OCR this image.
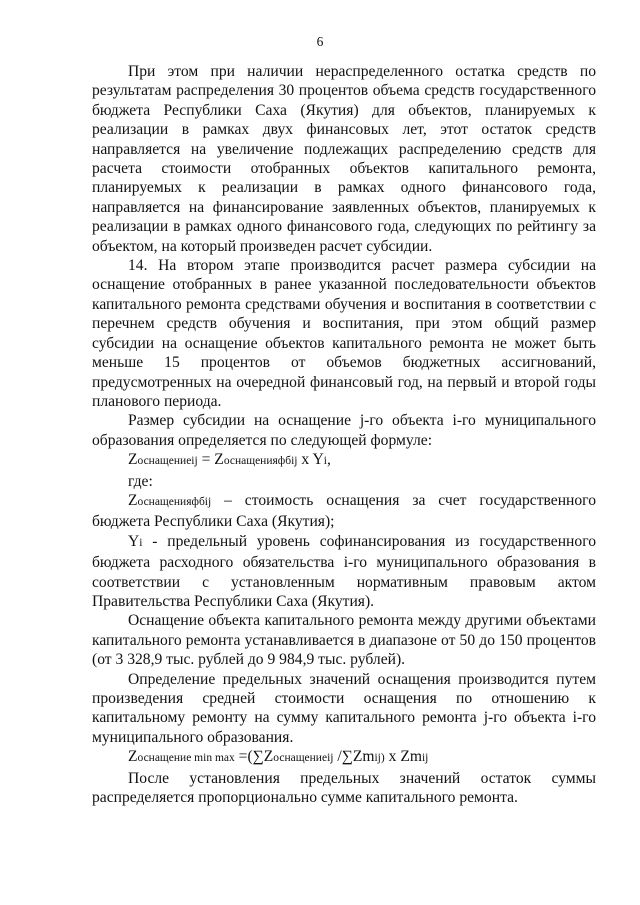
6

При этом при наличии нераспределенного остатка средств по результатам распределения 30 процентов объема средств государственного бюджета Республики Саха (Якутия) для объектов, планируемых к реализации в рамках двух финансовых лет, этот остаток средств направляется на увеличение подлежащих распределению средств для расчета стоимости отобранных объектов капитального ремонта, планируемых к реализации в рамках одного финансового года, направляется на финансирование заявленных объектов, планируемых к реализации в рамках одного финансового года, следующих по рейтингу за объектом, на который произведен расчет субсидии.

14. На втором этапе производится расчет размера субсидии на оснащение отобранных в ранее указанной последовательности объектов капитального ремонта средствами обучения и воспитания в соответствии с перечнем средств обучения и воспитания, при этом общий размер субсидии на оснащение объектов капитального ремонта не может быть меньше 15 процентов от объемов бюджетных ассигнований, предусмотренных на очередной финансовый год, на первый и второй годы планового периода.

Размер субсидии на оснащение j-го объекта i-го муниципального образования определяется по следующей формуле:

Zоснащениеij = Zоснащенияфбij x Yi,

где:

Zоснащенияфбij – стоимость оснащения за счет государственного бюджета Республики Саха (Якутия);

Yi - предельный уровень софинансирования из государственного бюджета расходного обязательства i-го муниципального образования в соответствии с установленным нормативным правовым актом Правительства Республики Саха (Якутия).

Оснащение объекта капитального ремонта между другими объектами капитального ремонта устанавливается в диапазоне от 50 до 150 процентов (от 3 328,9 тыс. рублей до 9 984,9 тыс. рублей).

Определение предельных значений оснащения производится путем произведения средней стоимости оснащения по отношению к капитальному ремонту на сумму капитального ремонта j-го объекта i-го муниципального образования.

Zоснащение min max =(∑Zоснащениеij /∑Zmij) x Zmij

После установления предельных значений остаток суммы распределяется пропорционально сумме капитального ремонта.
